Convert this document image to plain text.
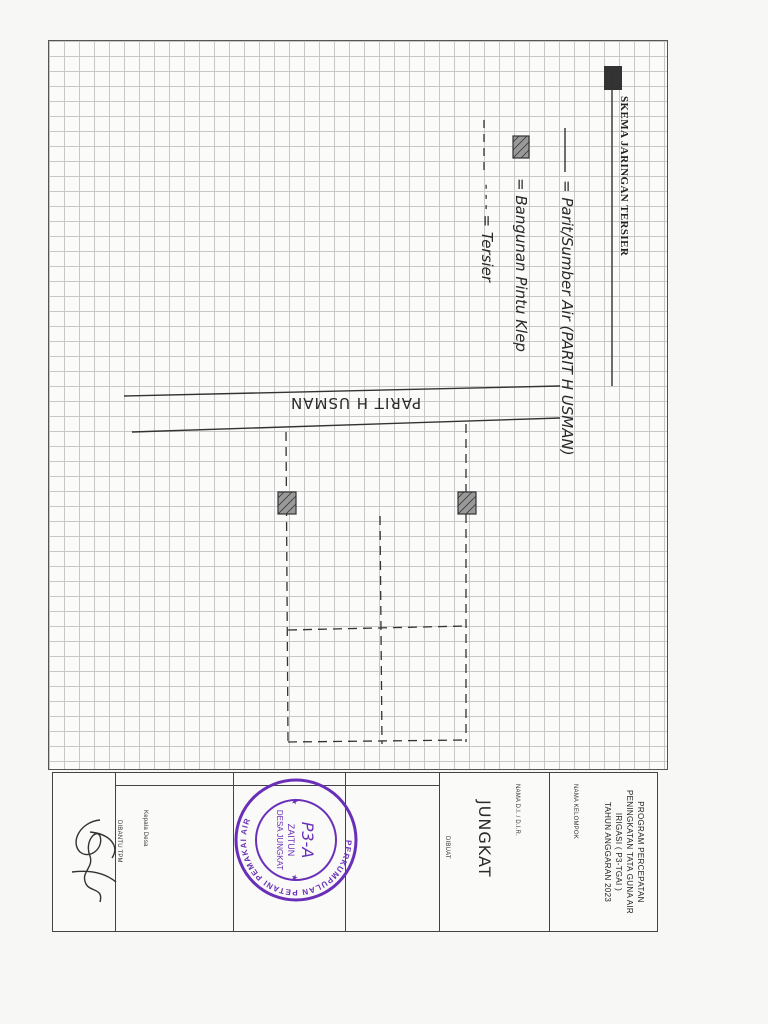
SKEMA JARINGAN TERSIER
= Parit/Sumber Air (PARIT H USMAN)
= Bangunan Pintu Klep
- - - = Tersier
PARIT H USMAN
PROGRAM PERCEPATAN
PENINGKATAN TATA GUNA AIR
IRIGASI ( P3-TGAI )
TAHUN ANGGARAN 2023
NAMA KELOMPOK
NAMA D.I. / D.I.R.
JUNGKAT
DIBUAT
Kepala Desa
DIBANTU TPM	PERKUMPULAN PETANI PEMAKAI AIR
P3-A
ZAITUN
DESA JUNGKAT
★
★
